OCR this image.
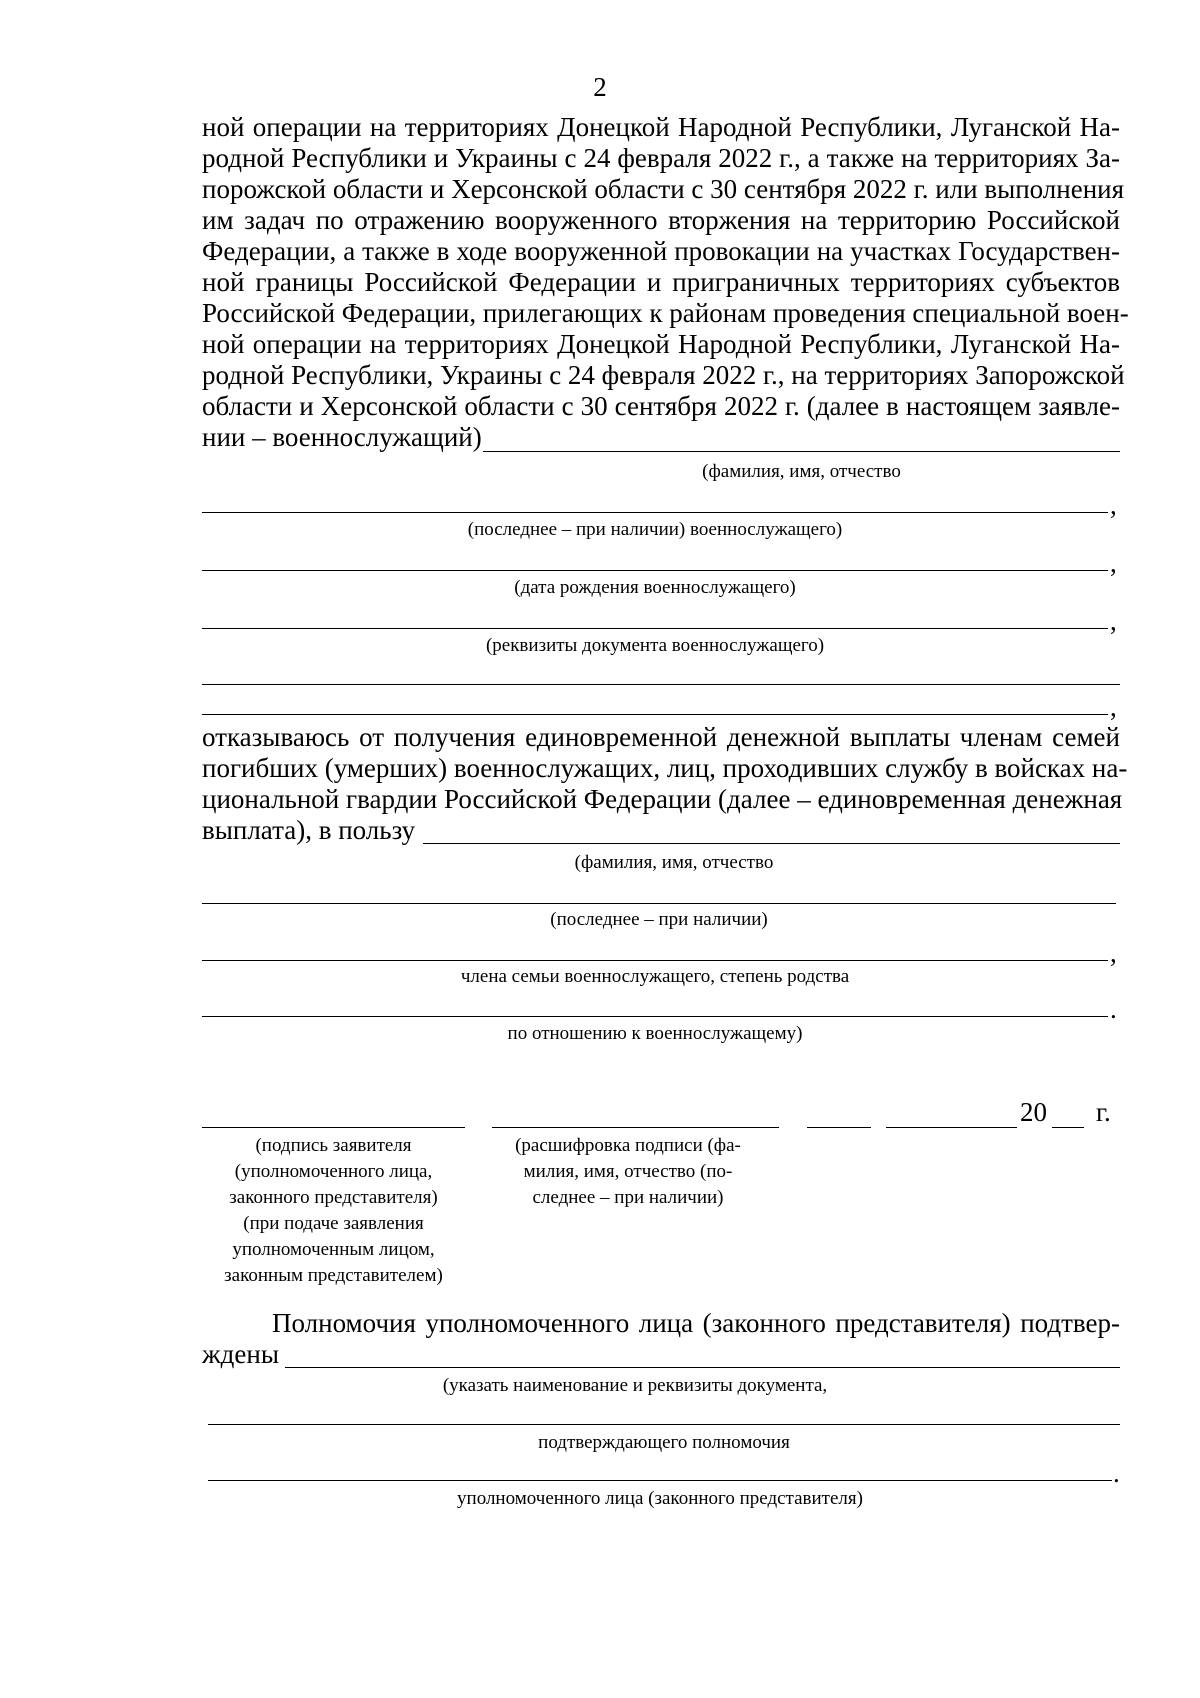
2
ной операции на территориях Донецкой Народной Республики, Луганской На-
родной Республики и Украины с 24 февраля 2022 г., а также на территориях За-
порожской области и Херсонской области с 30 сентября 2022 г. или выполнения
им задач по отражению вооруженного вторжения на территорию Российской
Федерации, а также в ходе вооруженной провокации на участках Государствен-
ной границы Российской Федерации и приграничных территориях субъектов
Российской Федерации, прилегающих к районам проведения специальной воен-
ной операции на территориях Донецкой Народной Республики, Луганской На-
родной Республики, Украины с 24 февраля 2022 г., на территориях Запорожской
области и Херсонской области с 30 сентября 2022 г. (далее в настоящем заявле-
нии – военнослужащий)
(фамилия, имя, отчество
,
(последнее – при наличии) военнослужащего)
,
(дата рождения военнослужащего)
,
(реквизиты документа военнослужащего)
,
отказываюсь от получения единовременной денежной выплаты членам семей
погибших (умерших) военнослужащих, лиц, проходивших службу в войсках на-
циональной гвардии Российской Федерации (далее – единовременная денежная
выплата), в пользу
(фамилия, имя, отчество
(последнее – при наличии)
,
члена семьи военнослужащего, степень родства
.
по отношению к военнослужащему)
20 г.
(подпись заявителя
(уполномоченного лица,
законного представителя)
(при подаче заявления
уполномоченным лицом,
законным представителем)
(расшифровка подписи (фа-
милия, имя, отчество (по-
следнее – при наличии)
Полномочия уполномоченного лица (законного представителя) подтвер-
ждены
(указать наименование и реквизиты документа,
подтверждающего полномочия
.
уполномоченного лица (законного представителя)
